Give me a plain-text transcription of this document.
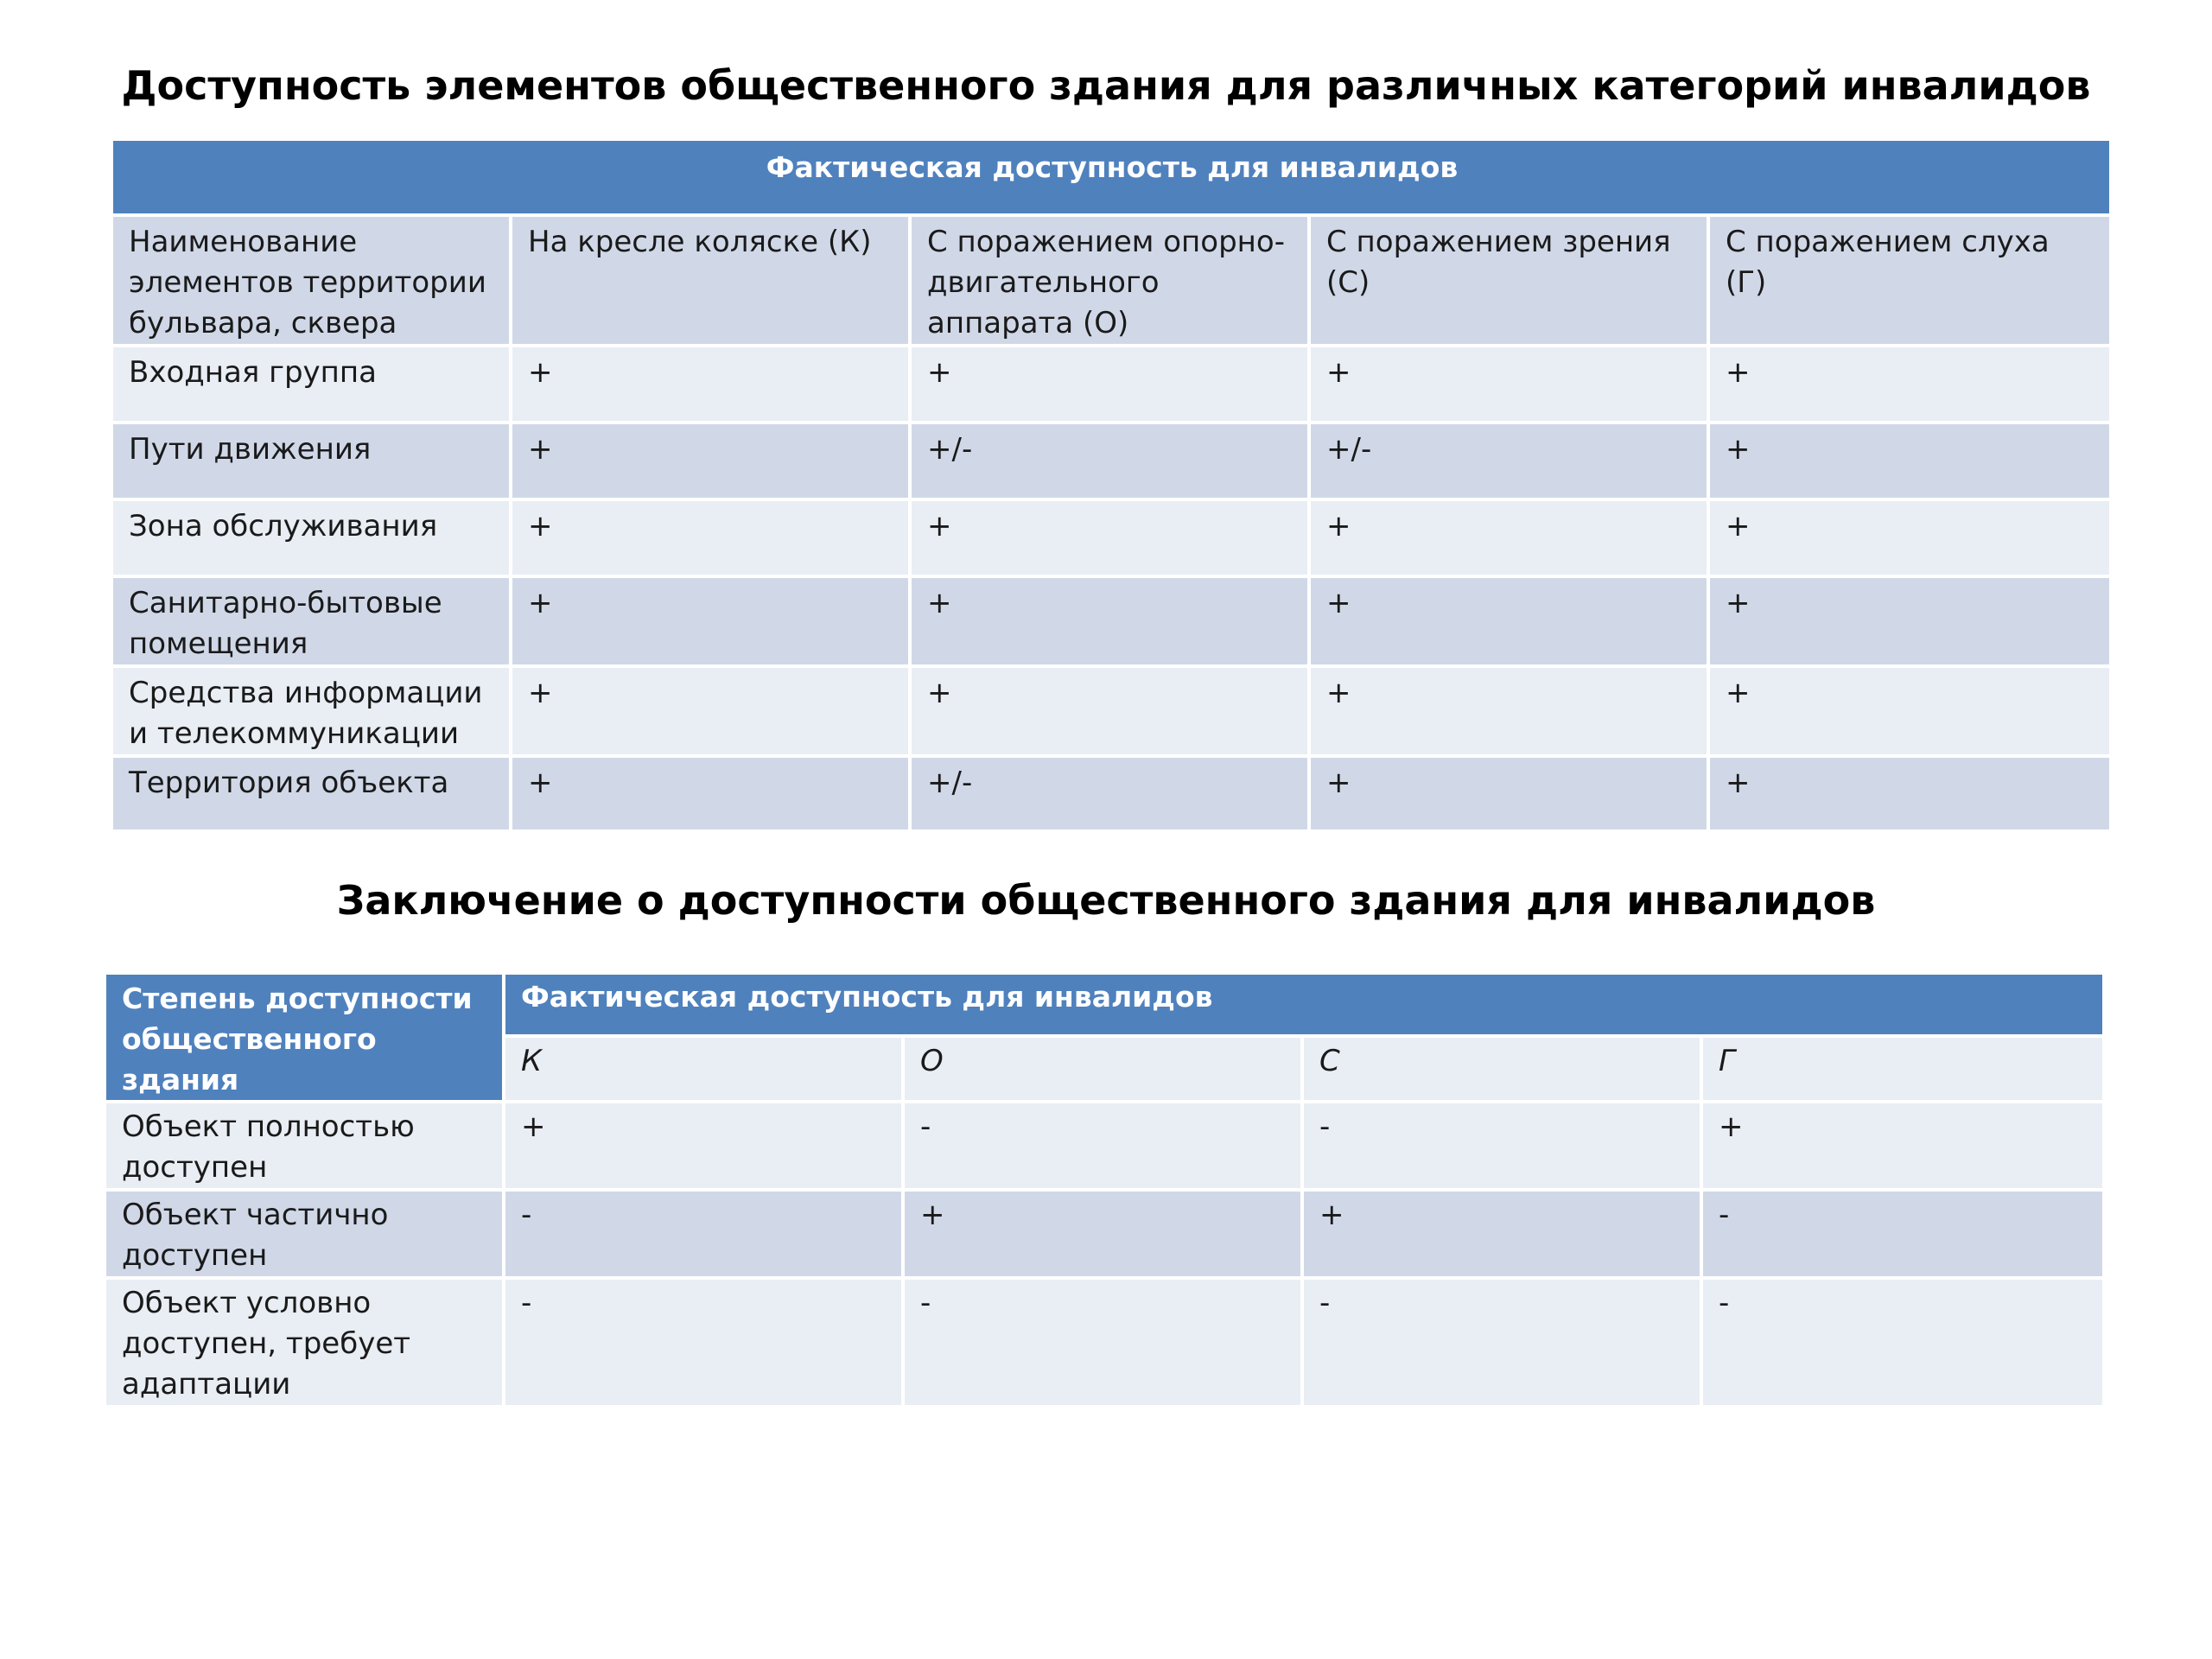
Доступность элементов общественного здания для различных категорий инвалидов
Фактическая доступность для инвалидов				
Наименование элементов территории бульвара, сквера	На кресле коляске (К)	С поражением опорно-двигательного аппарата (О)	С поражением зрения (С)	С поражением слуха (Г)
Входная группа	+	+	+	+
Пути движения	+	+/-	+/-	+
Зона обслуживания	+	+	+	+
Санитарно-бытовые помещения	+	+	+	+
Средства информации и телекоммуникации	+	+	+	+
Территория объекта	+	+/-	+	+
Заключение о доступности общественного здания для инвалидов
Степень доступности общественного здания	Фактическая доступность для инвалидов			
	К	О	С	Г
Объект полностью доступен	+	-	-	+
Объект частично доступен	-	+	+	-
Объект условно доступен, требует адаптации	-	-	-	-
